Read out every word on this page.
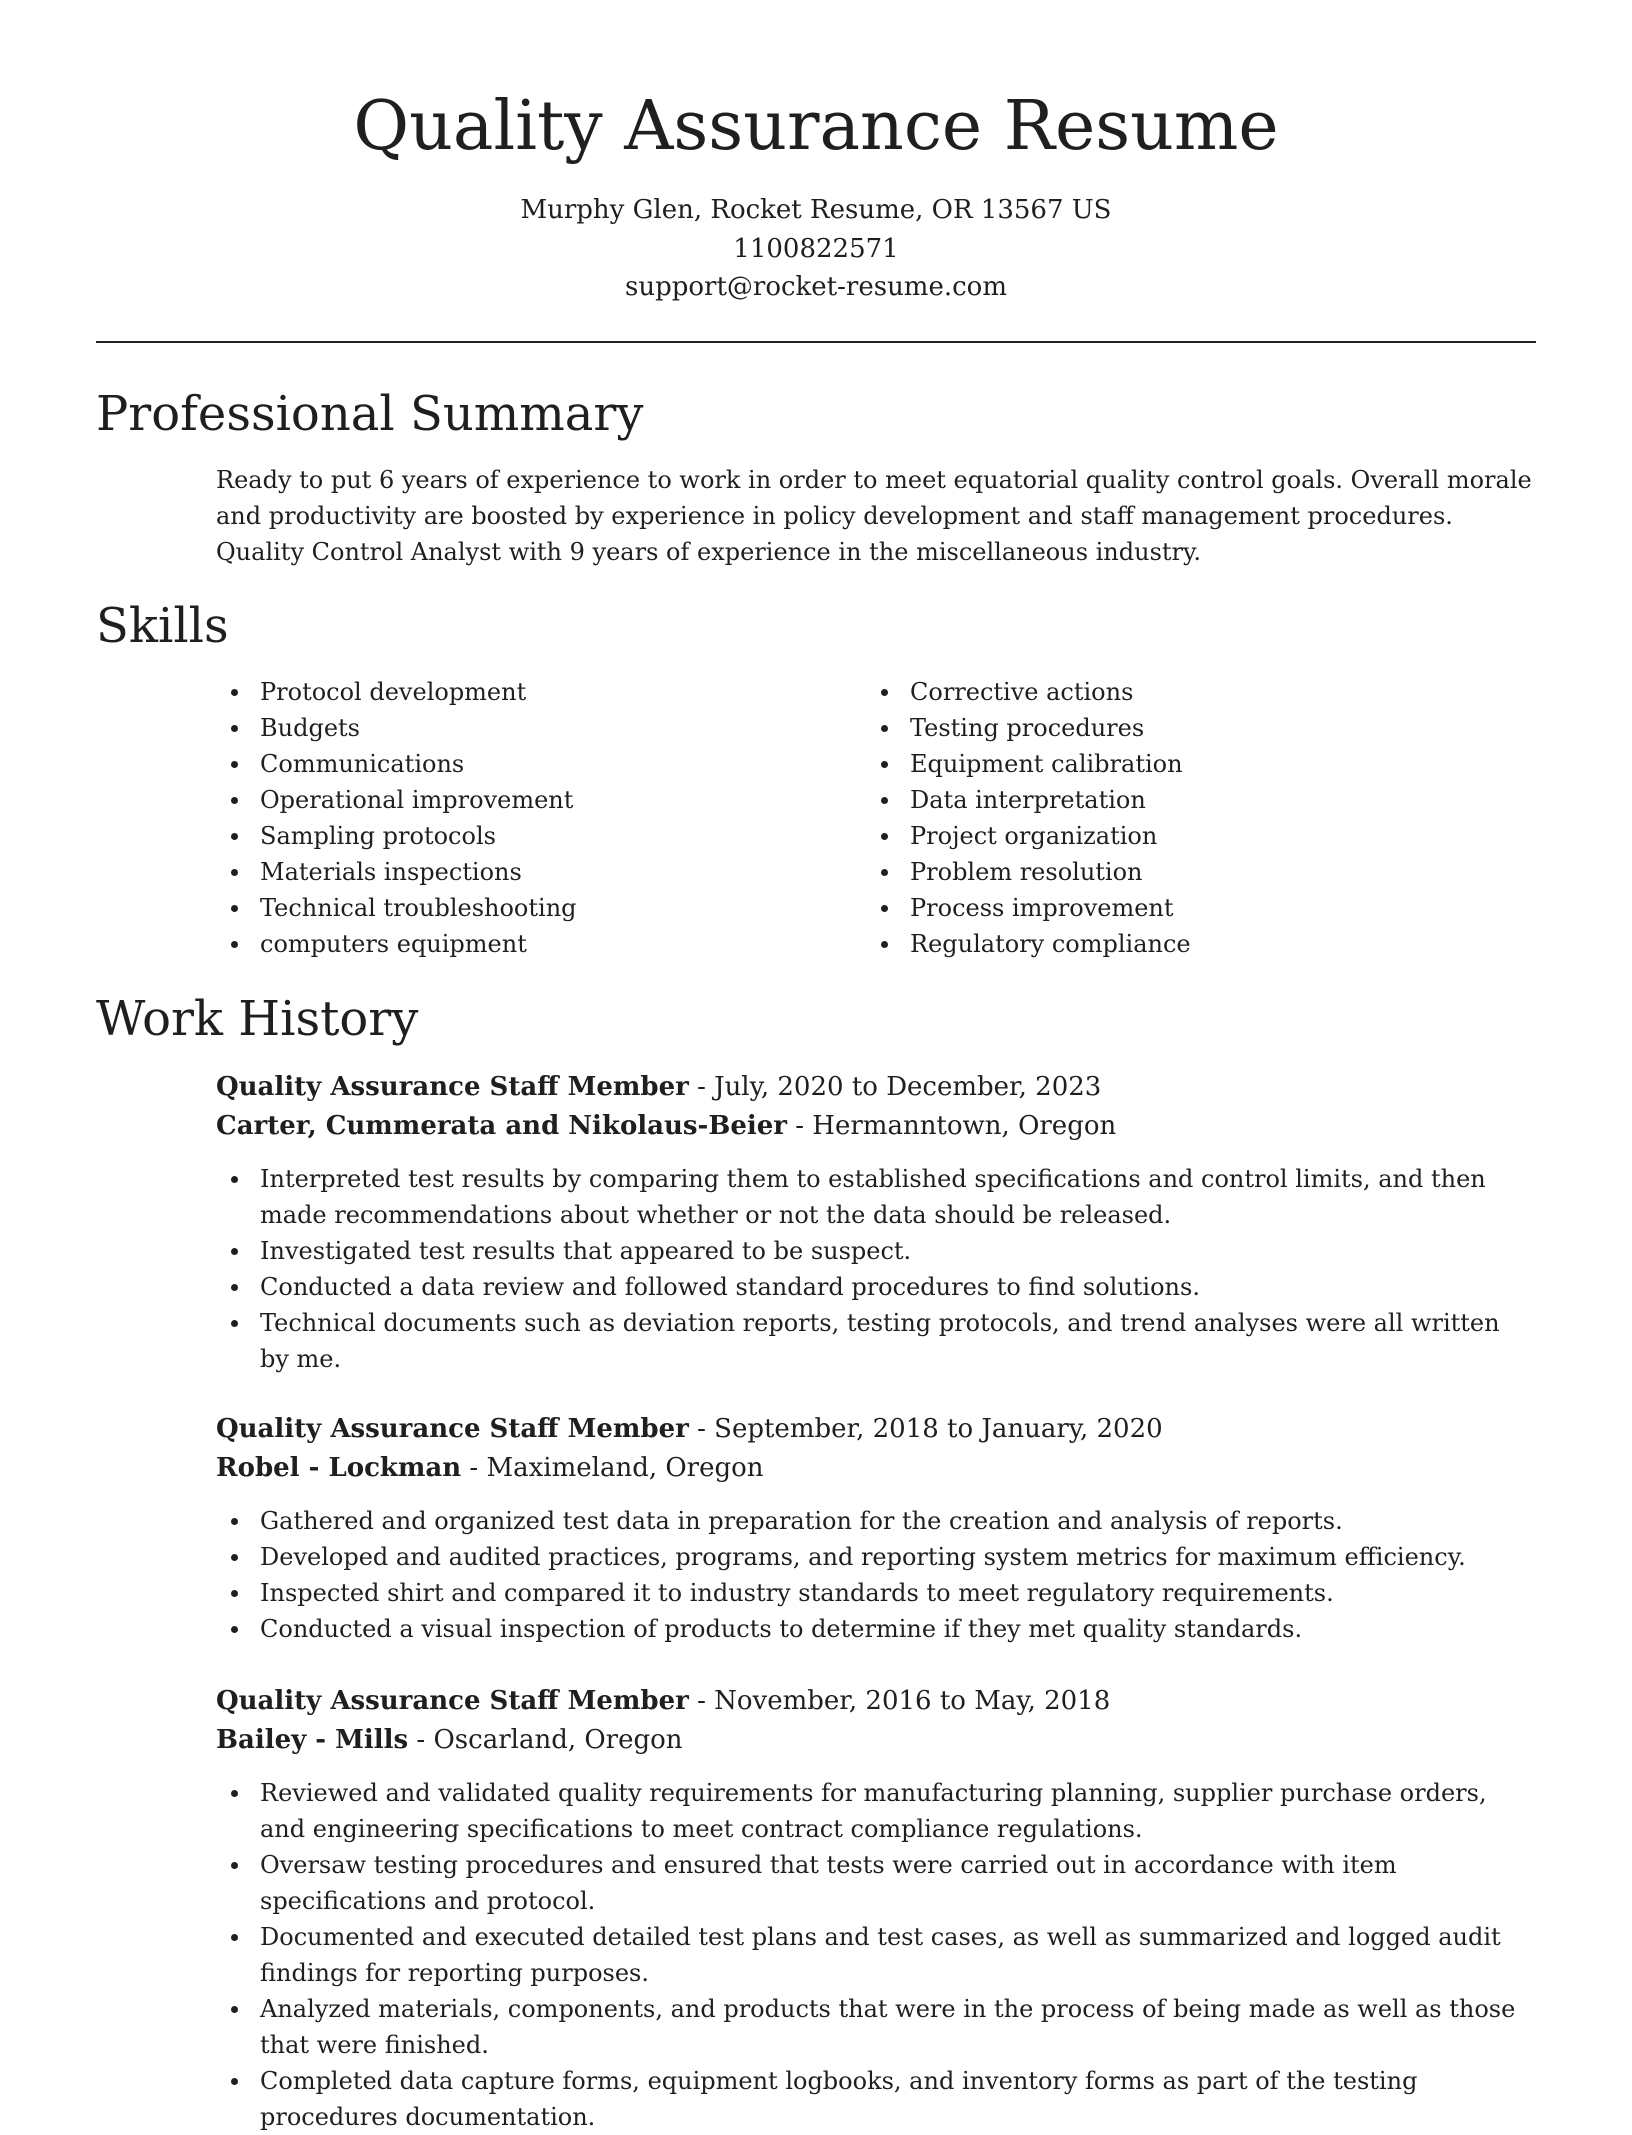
Quality Assurance Resume
Murphy Glen, Rocket Resume, OR 13567 US
1100822571
support@rocket-resume.com
Professional Summary

Ready to put 6 years of experience to work in order to meet equatorial quality control goals. Overall morale and productivity are boosted by experience in policy development and staff management procedures. Quality Control Analyst with 9 years of experience in the miscellaneous industry.

Skills
Protocol development
Budgets
Communications
Operational improvement
Sampling protocols
Materials inspections
Technical troubleshooting
computers equipment
Corrective actions
Testing procedures
Equipment calibration
Data interpretation
Project organization
Problem resolution
Process improvement
Regulatory compliance
Work History
Quality Assurance Staff Member - July, 2020 to December, 2023
Carter, Cummerata and Nikolaus-Beier - Hermanntown, Oregon
Interpreted test results by comparing them to established specifications and control limits, and then made recommendations about whether or not the data should be released.
Investigated test results that appeared to be suspect.
Conducted a data review and followed standard procedures to find solutions.
Technical documents such as deviation reports, testing protocols, and trend analyses were all written by me.
Quality Assurance Staff Member - September, 2018 to January, 2020
Robel - Lockman - Maximeland, Oregon
Gathered and organized test data in preparation for the creation and analysis of reports.
Developed and audited practices, programs, and reporting system metrics for maximum efficiency.
Inspected shirt and compared it to industry standards to meet regulatory requirements.
Conducted a visual inspection of products to determine if they met quality standards.
Quality Assurance Staff Member - November, 2016 to May, 2018
Bailey - Mills - Oscarland, Oregon
Reviewed and validated quality requirements for manufacturing planning, supplier purchase orders, and engineering specifications to meet contract compliance regulations.
Oversaw testing procedures and ensured that tests were carried out in accordance with item specifications and protocol.
Documented and executed detailed test plans and test cases, as well as summarized and logged audit findings for reporting purposes.
Analyzed materials, components, and products that were in the process of being made as well as those that were finished.
Completed data capture forms, equipment logbooks, and inventory forms as part of the testing procedures documentation.
